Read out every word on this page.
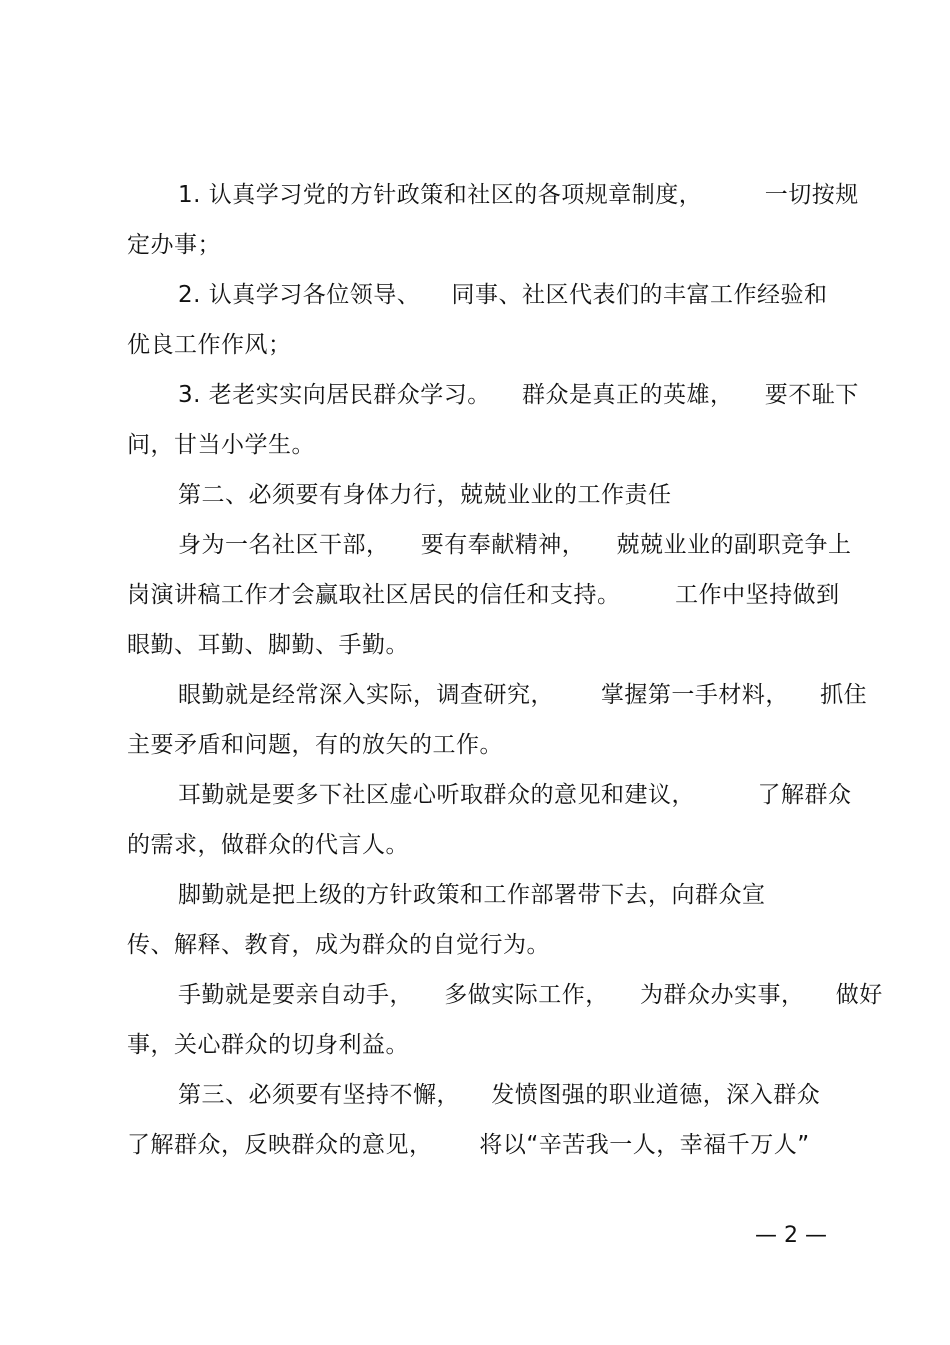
1. 认真学习党的方针政策和社区的各项规章制度，        一切按规
定办事；
2. 认真学习各位领导、    同事、社区代表们的丰富工作经验和
优良工作作风；
3. 老老实实向居民群众学习。    群众是真正的英雄，    要不耻下
问，甘当小学生。
第二、必须要有身体力行，兢兢业业的工作责任
身为一名社区干部，    要有奉献精神，    兢兢业业的副职竞争上
岗演讲稿工作才会赢取社区居民的信任和支持。       工作中坚持做到
眼勤、耳勤、脚勤、手勤。
眼勤就是经常深入实际，调查研究，      掌握第一手材料，    抓住
主要矛盾和问题，有的放矢的工作。
耳勤就是要多下社区虚心听取群众的意见和建议，        了解群众
的需求，做群众的代言人。
脚勤就是把上级的方针政策和工作部署带下去，向群众宣
传、解释、教育，成为群众的自觉行为。
手勤就是要亲自动手，    多做实际工作，    为群众办实事，    做好
事，关心群众的切身利益。
第三、必须要有坚持不懈，    发愤图强的职业道德，深入群众
了解群众，反映群众的意见，      将以“辛苦我一人，幸福千万人”
— 2 —
